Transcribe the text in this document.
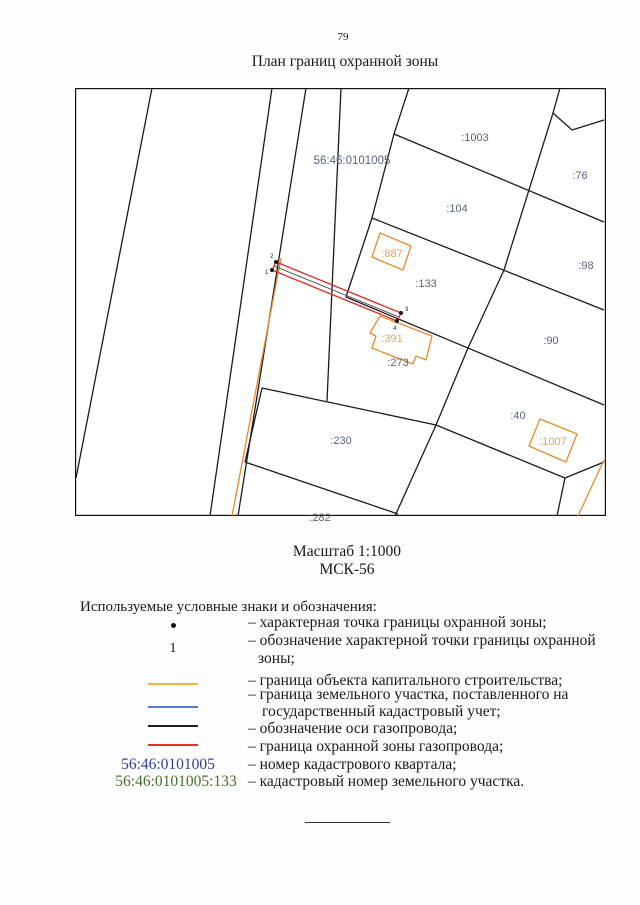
79
План границ охранной зоны
1
2
3
4
56:46:0101005
:1003
:76
:104
:98
:133
:90
:273
:40
:230
:282
:887
:391
:1007
Масштаб 1:1000
МСК-56
Используемые условные знаки и обозначения:
– характерная точка границы охранной зоны;
1	– обозначение характерной точки границы охранной
зоны;
– граница объекта капитального строительства;
– граница земельного участка, поставленного на
государственный кадастровый учет;
– обозначение оси газопровода;
– граница охранной зоны газопровода;
56:46:0101005	– номер кадастрового квартала;
56:46:0101005:133 – кадастровый номер земельного участка.
